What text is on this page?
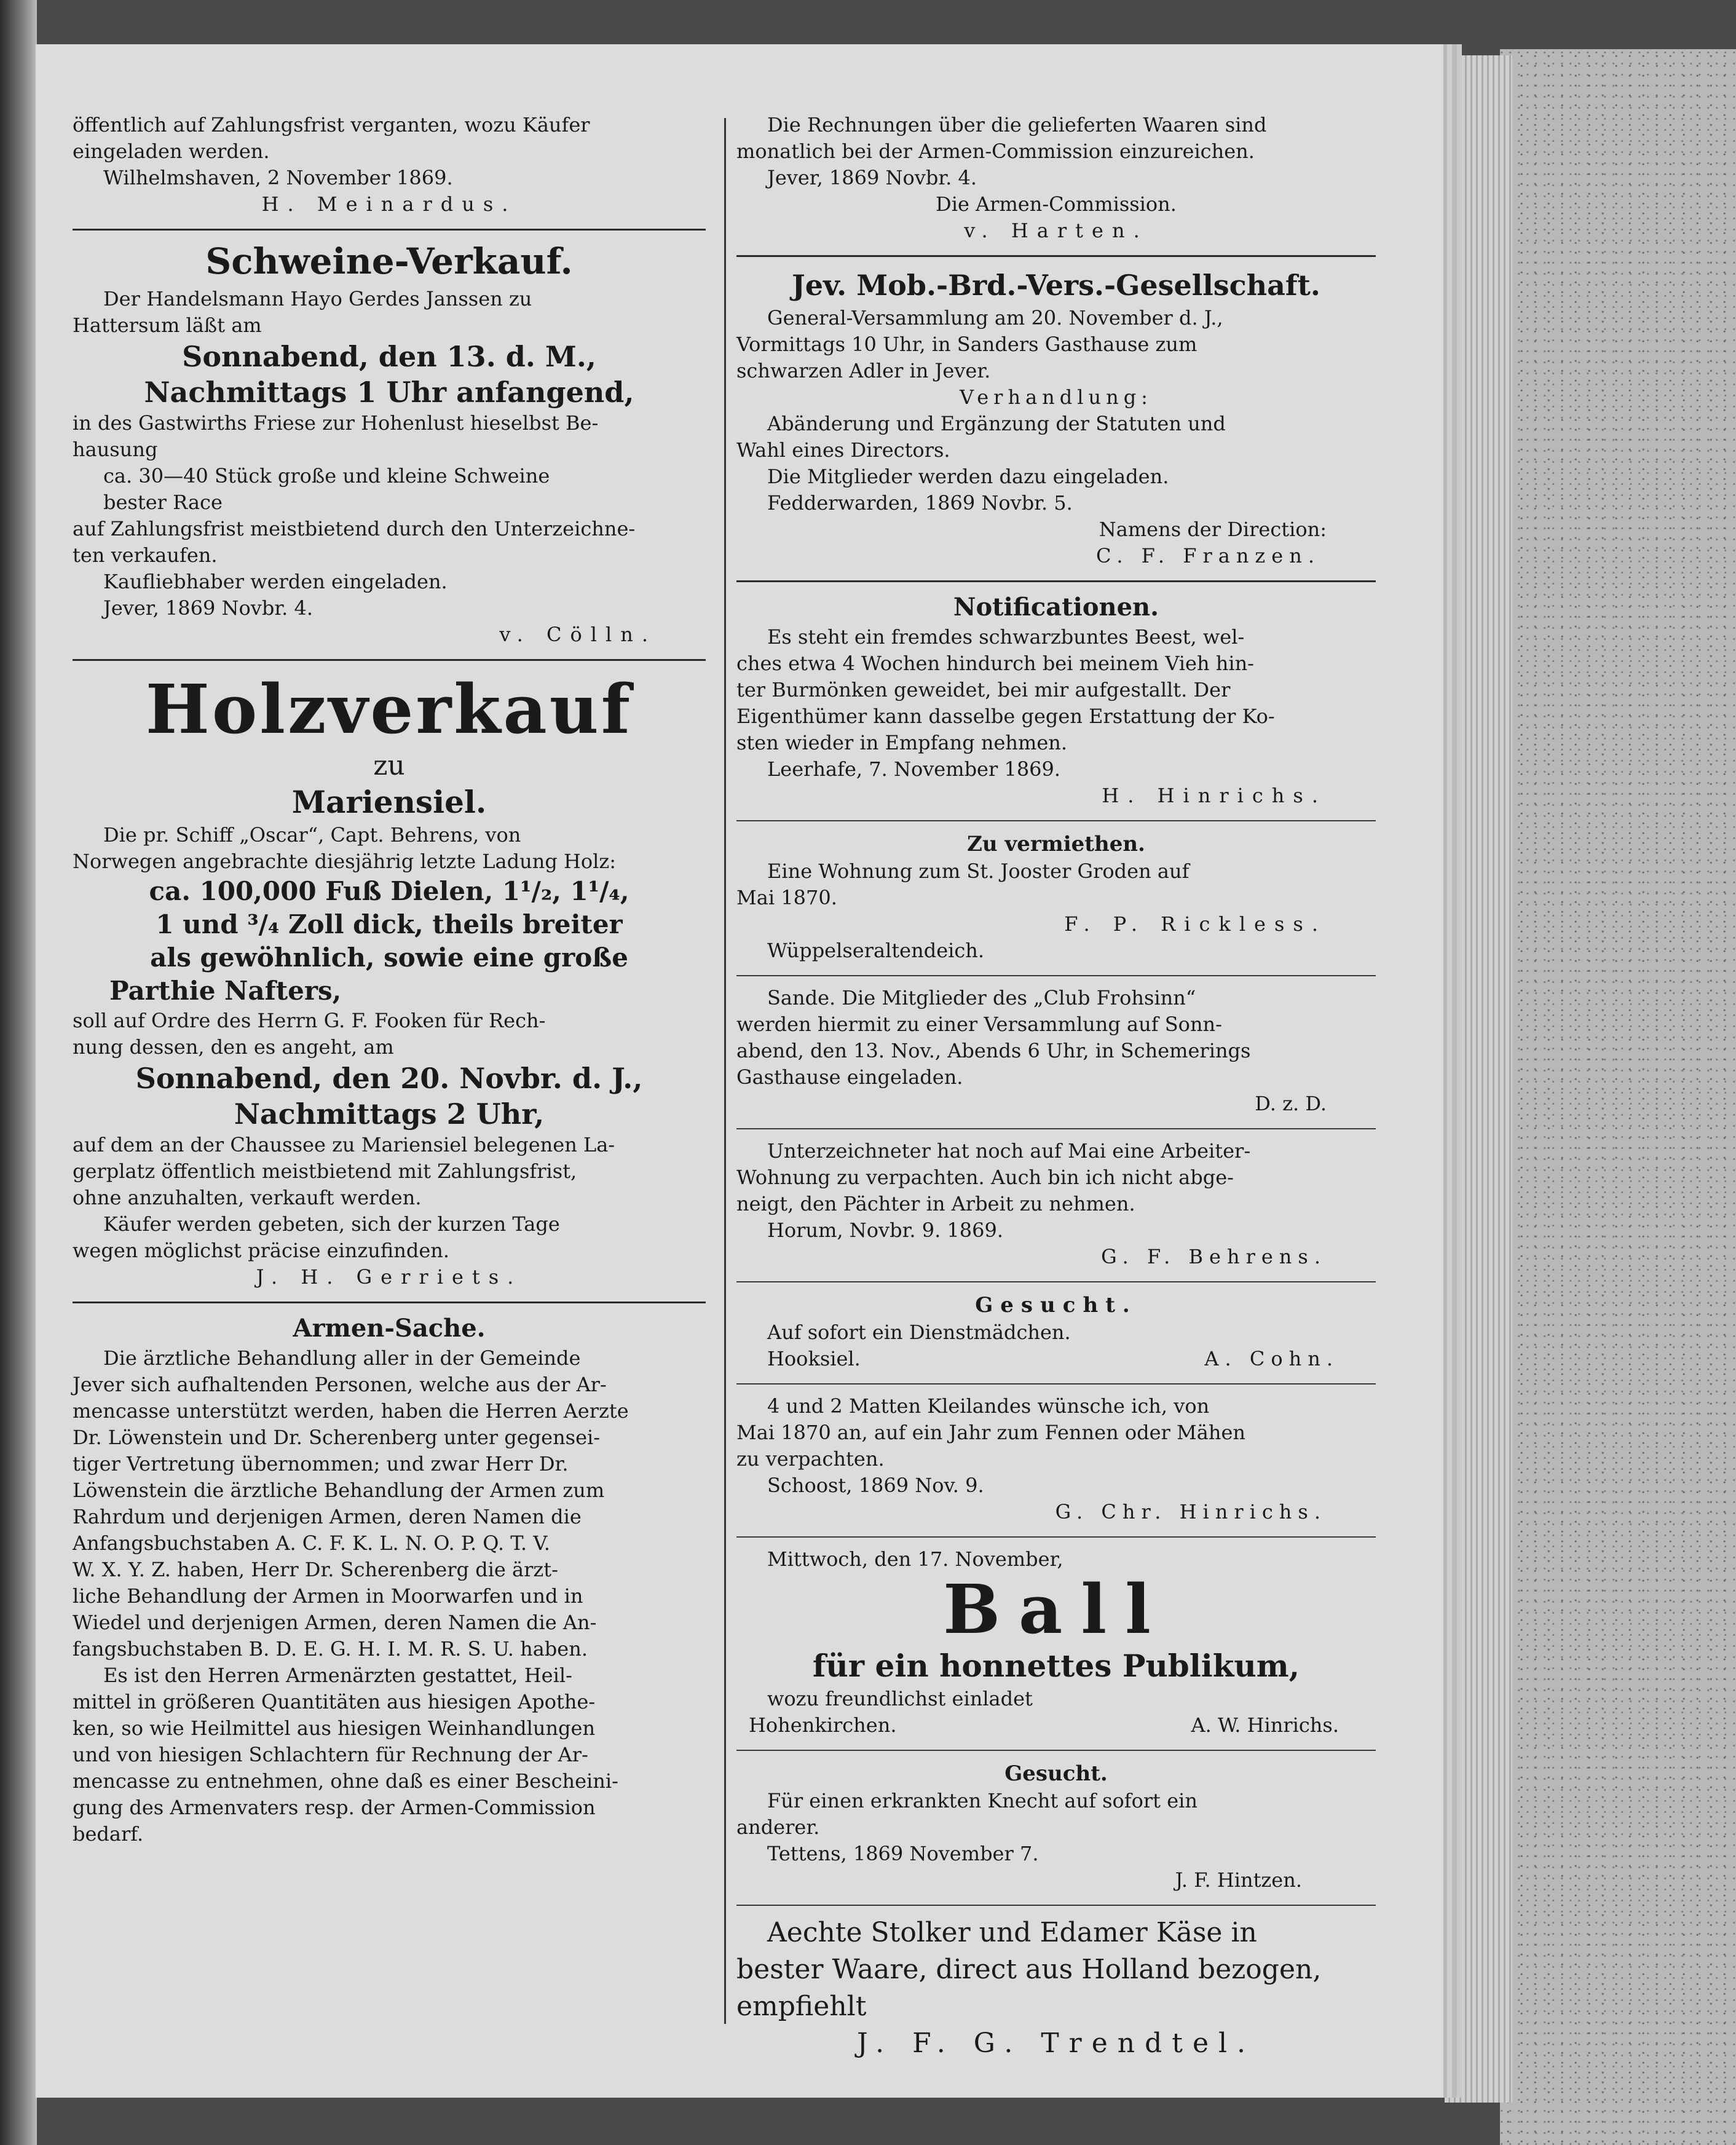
öffentlich auf Zahlungsfrist verganten, wozu Käufer

eingeladen werden.

Wilhelmshaven, 2 November 1869.

H. Meinardus.

Schweine-Verkauf.

Der Handelsmann Hayo Gerdes Janssen zu

Hattersum läßt am

Sonnabend, den 13. d. M.,
Nachmittags 1 Uhr anfangend,

in des Gastwirths Friese zur Hohenlust hieselbst Be-

hausung

ca. 30—40 Stück große und kleine Schweine

bester Race

auf Zahlungsfrist meistbietend durch den Unterzeichne-

ten verkaufen.

Kaufliebhaber werden eingeladen.

Jever, 1869 Novbr. 4.

v. Cölln.

Holzverkauf

zu

Mariensiel.

Die pr. Schiff „Oscar“, Capt. Behrens, von

Norwegen angebrachte diesjährig letzte Ladung Holz:

ca. 100,000 Fuß Dielen, 1¹/₂, 1¹/₄,
1 und ³/₄ Zoll dick, theils breiter
als gewöhnlich, sowie eine große
Parthie Nafters,

soll auf Ordre des Herrn G. F. Fooken für Rech-

nung dessen, den es angeht, am

Sonnabend, den 20. Novbr. d. J.,
Nachmittags 2 Uhr,

auf dem an der Chaussee zu Mariensiel belegenen La-

gerplatz öffentlich meistbietend mit Zahlungsfrist,

ohne anzuhalten, verkauft werden.

Käufer werden gebeten, sich der kurzen Tage

wegen möglichst präcise einzufinden.

J. H. Gerriets.

Armen-Sache.

Die ärztliche Behandlung aller in der Gemeinde

Jever sich aufhaltenden Personen, welche aus der Ar-

mencasse unterstützt werden, haben die Herren Aerzte

Dr. Löwenstein und Dr. Scherenberg unter gegensei-

tiger Vertretung übernommen; und zwar Herr Dr.

Löwenstein die ärztliche Behandlung der Armen zum

Rahrdum und derjenigen Armen, deren Namen die

Anfangsbuchstaben A. C. F. K. L. N. O. P. Q. T. V.

W. X. Y. Z. haben, Herr Dr. Scherenberg die ärzt-

liche Behandlung der Armen in Moorwarfen und in

Wiedel und derjenigen Armen, deren Namen die An-

fangsbuchstaben B. D. E. G. H. I. M. R. S. U. haben.

Es ist den Herren Armenärzten gestattet, Heil-

mittel in größeren Quantitäten aus hiesigen Apothe-

ken, so wie Heilmittel aus hiesigen Weinhandlungen

und von hiesigen Schlachtern für Rechnung der Ar-

mencasse zu entnehmen, ohne daß es einer Bescheini-

gung des Armenvaters resp. der Armen-Commission

bedarf.

Die Rechnungen über die gelieferten Waaren sind

monatlich bei der Armen-Commission einzureichen.

Jever, 1869 Novbr. 4.

Die Armen-Commission.

v. Harten.

Jev. Mob.-Brd.-Vers.-Gesellschaft.

General-Versammlung am 20. November d. J.,

Vormittags 10 Uhr, in Sanders Gasthause zum

schwarzen Adler in Jever.

Verhandlung:

Abänderung und Ergänzung der Statuten und

Wahl eines Directors.

Die Mitglieder werden dazu eingeladen.

Fedderwarden, 1869 Novbr. 5.

Namens der Direction:

C. F. Franzen.

Notificationen.

Es steht ein fremdes schwarzbuntes Beest, wel-

ches etwa 4 Wochen hindurch bei meinem Vieh hin-

ter Burmönken geweidet, bei mir aufgestallt. Der

Eigenthümer kann dasselbe gegen Erstattung der Ko-

sten wieder in Empfang nehmen.

Leerhafe, 7. November 1869.

H. Hinrichs.

Zu vermiethen.

Eine Wohnung zum St. Jooster Groden auf

Mai 1870.

F. P. Rickless.

Wüppelseraltendeich.

Sande. Die Mitglieder des „Club Frohsinn“

werden hiermit zu einer Versammlung auf Sonn-

abend, den 13. Nov., Abends 6 Uhr, in Schemerings

Gasthause eingeladen.

D. z. D.

Unterzeichneter hat noch auf Mai eine Arbeiter-

Wohnung zu verpachten. Auch bin ich nicht abge-

neigt, den Pächter in Arbeit zu nehmen.

Horum, Novbr. 9. 1869.

G. F. Behrens.

Gesucht.

Auf sofort ein Dienstmädchen.

Hooksiel.	A. Cohn.

4 und 2 Matten Kleilandes wünsche ich, von

Mai 1870 an, auf ein Jahr zum Fennen oder Mähen

zu verpachten.

Schoost, 1869 Nov. 9.

G. Chr. Hinrichs.

Mittwoch, den 17. November,

Ball
für ein honnettes Publikum,

wozu freundlichst einladet

Hohenkirchen.	A. W. Hinrichs.

Gesucht.

Für einen erkrankten Knecht auf sofort ein

anderer.

Tettens, 1869 November 7.

J. F. Hintzen.

Aechte Stolker und Edamer Käse in

bester Waare, direct aus Holland bezogen,

empfiehlt

J. F. G. Trendtel.
